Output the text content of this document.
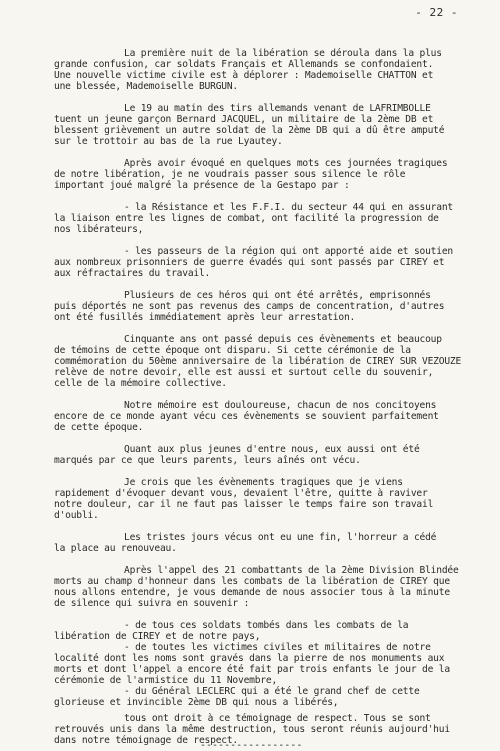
- 22 -
La première nuit de la libération se déroula dans la plus
grande confusion, car soldats Français et Allemands se confondaient.
Une nouvelle victime civile est à déplorer : Mademoiselle CHATTON et
une blessée, Mademoiselle BURGUN.
Le 19 au matin des tirs allemands venant de LAFRIMBOLLE
tuent un jeune garçon Bernard JACQUEL, un militaire de la 2ème DB et
blessent grièvement un autre soldat de la 2ème DB qui a dû être amputé
sur le trottoir au bas de la rue Lyautey.
Après avoir évoqué en quelques mots ces journées tragiques
de notre libération, je ne voudrais passer sous silence le rôle
important joué malgré la présence de la Gestapo par :
- la Résistance et les F.F.I. du secteur 44 qui en assurant
la liaison entre les lignes de combat, ont facilité la progression de
nos libérateurs,
- les passeurs de la région qui ont apporté aide et soutien
aux nombreux prisonniers de guerre évadés qui sont passés par CIREY et
aux réfractaires du travail.
Plusieurs de ces héros qui ont été arrêtés, emprisonnés
puis déportés ne sont pas revenus des camps de concentration, d'autres
ont été fusillés immédiatement après leur arrestation.
Cinquante ans ont passé depuis ces évènements et beaucoup
de témoins de cette époque ont disparu. Si cette cérémonie de la
commémoration du 50ème anniversaire de la libération de CIREY SUR VEZOUZE
relève de notre devoir, elle est aussi et surtout celle du souvenir,
celle de la mémoire collective.
Notre mémoire est douloureuse, chacun de nos concitoyens
encore de ce monde ayant vécu ces évènements se souvient parfaitement
de cette époque.
Quant aux plus jeunes d'entre nous, eux aussi ont été
marqués par ce que leurs parents, leurs aînés ont vécu.
Je crois que les évènements tragiques que je viens
rapidement d'évoquer devant vous, devaient l'être, quitte à raviver
notre douleur, car il ne faut pas laisser le temps faire son travail
d'oubli.
Les tristes jours vécus ont eu une fin, l'horreur a cédé
la place au renouveau.
Après l'appel des 21 combattants de la 2ème Division Blindée
morts au champ d'honneur dans les combats de la libération de CIREY que
nous allons entendre, je vous demande de nous associer tous à la minute
de silence qui suivra en souvenir :
- de tous ces soldats tombés dans les combats de la
libération de CIREY et de notre pays,
- de toutes les victimes civiles et militaires de notre
localité dont les noms sont gravés dans la pierre de nos monuments aux
morts et dont l'appel a encore été fait par trois enfants le jour de la
cérémonie de l'armistice du 11 Novembre,
- du Général LECLERC qui a été le grand chef de cette
glorieuse et invincible 2ème DB qui nous a libérés,
tous ont droit à ce témoignage de respect. Tous se sont
retrouvés unis dans la même destruction, tous seront réunis aujourd'hui
dans notre témoignage de respect.
-----------------
